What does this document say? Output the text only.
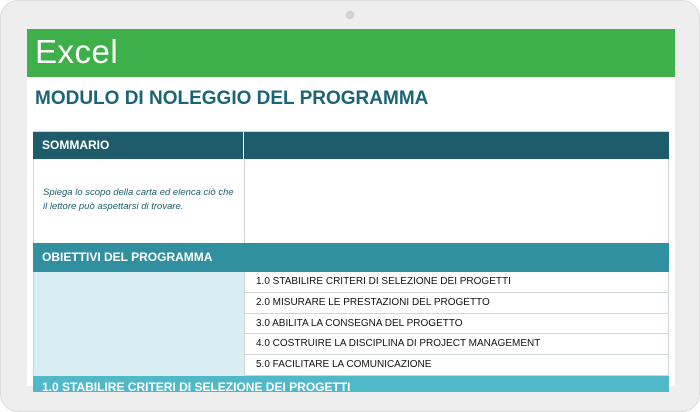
Excel
MODULO DI NOLEGGIO DEL PROGRAMMA
SOMMARIO
Spiega lo scopo della carta ed elenca ciò che il lettore può aspettarsi di trovare.
OBIETTIVI DEL PROGRAMMA
1.0 STABILIRE CRITERI DI SELEZIONE DEI PROGETTI
2.0 MISURARE LE PRESTAZIONI DEL PROGETTO
3.0 ABILITA LA CONSEGNA DEL PROGETTO
4.0 COSTRUIRE LA DISCIPLINA DI PROJECT MANAGEMENT
5.0 FACILITARE LA COMUNICAZIONE
1.0 STABILIRE CRITERI DI SELEZIONE DEI PROGETTI
